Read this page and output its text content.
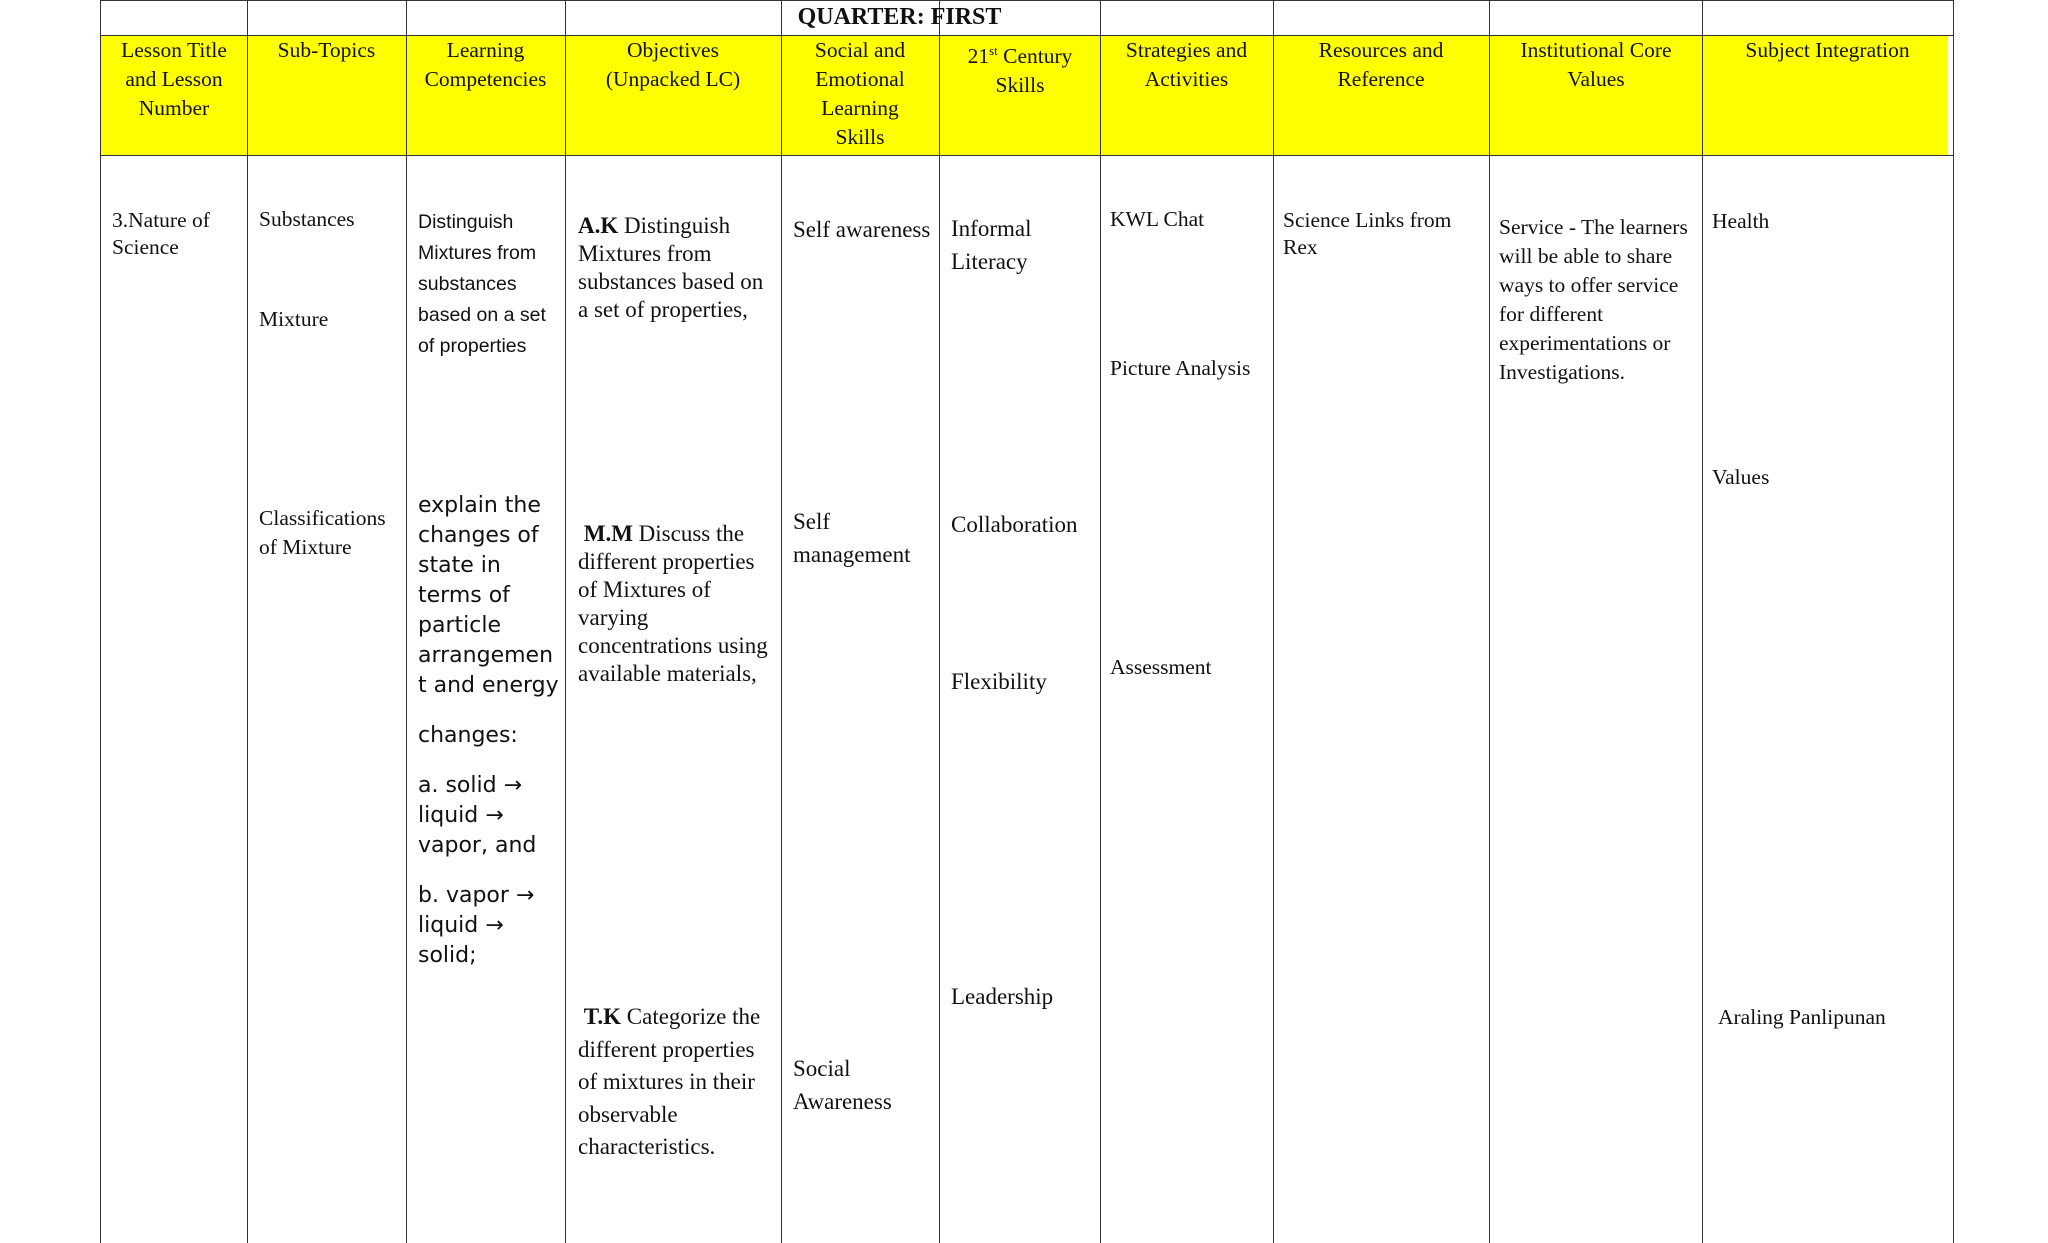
QUARTER: FIRST
Lesson Title and Lesson Number
Sub-Topics	Learning Competencies
Objectives (Unpacked LC)
Social and Emotional Learning Skills
21st Century Skills
Strategies and Activities
Resources and Reference
Institutional Core Values
Subject Integration
3.Nature of Science
Substances
Mixture
Classifications of Mixture
Distinguish Mixtures from substances based on a set of properties
explain the changes of state in terms of particle arrangemen t and energy
changes:
a. solid → liquid → vapor, and
b. vapor → liquid → solid;
A.K Distinguish Mixtures from substances based on a set of properties,
M.M Discuss the different properties of Mixtures of varying concentrations using available materials,
T.K Categorize the different properties of mixtures in their observable characteristics.
Self awareness
Self management
Social Awareness
Informal Literacy
Collaboration
Flexibility
Leadership
KWL Chat
Picture Analysis
Assessment
Science Links from Rex
Service - The learners will be able to share ways to offer service for different experimentations or Investigations.
Health
Values
Araling Panlipunan
